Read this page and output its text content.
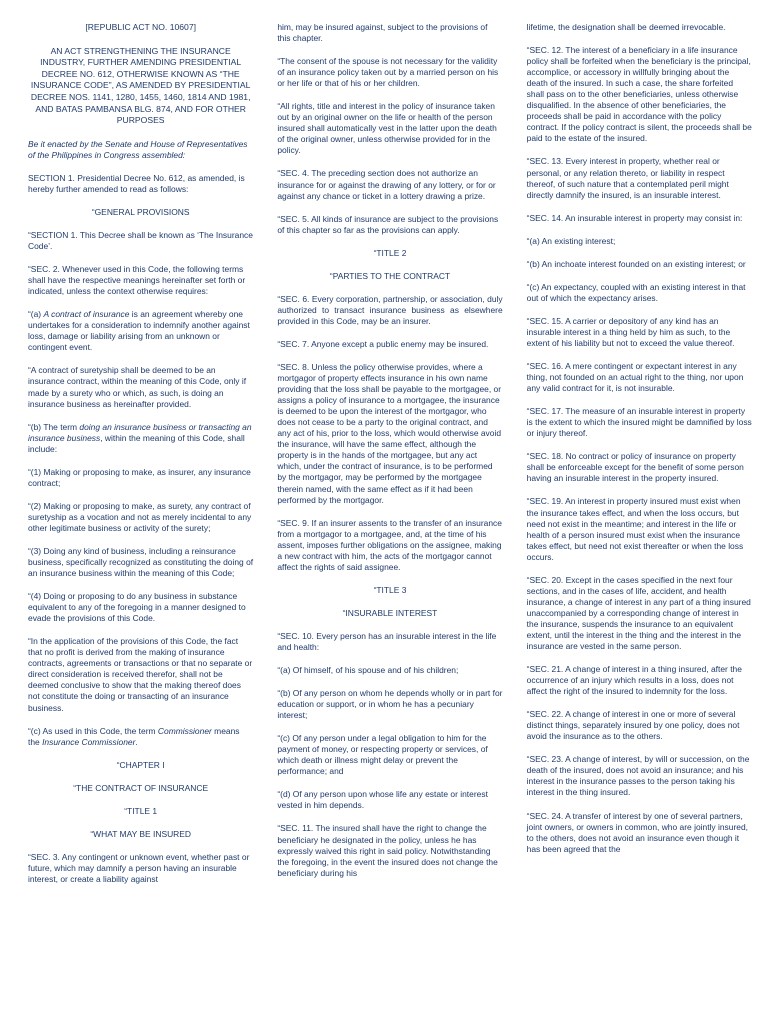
[REPUBLIC ACT NO. 10607]

AN ACT STRENGTHENING THE INSURANCE INDUSTRY, FURTHER AMENDING PRESIDENTIAL DECREE NO. 612, OTHERWISE KNOWN AS “THE INSURANCE CODE”, AS AMENDED BY PRESIDENTIAL DECREE NOS. 1141, 1280, 1455, 1460, 1814 AND 1981, AND BATAS PAMBANSA BLG. 874, AND FOR OTHER PURPOSES

Be it enacted by the Senate and House of Representatives of the Philippines in Congress assembled:

SECTION 1. Presidential Decree No. 612, as amended, is hereby further amended to read as follows:

“GENERAL PROVISIONS

“SECTION 1. This Decree shall be known as ‘The Insurance Code’.

“SEC. 2. Whenever used in this Code, the following terms shall have the respective meanings hereinafter set forth or indicated, unless the context otherwise requires:

“(a) A contract of insurance is an agreement whereby one undertakes for a consideration to indemnify another against loss, damage or liability arising from an unknown or contingent event.

“A contract of suretyship shall be deemed to be an insurance contract, within the meaning of this Code, only if made by a surety who or which, as such, is doing an insurance business as hereinafter provided.

“(b) The term doing an insurance business or transacting an insurance business, within the meaning of this Code, shall include:

“(1) Making or proposing to make, as insurer, any insurance contract;

“(2) Making or proposing to make, as surety, any contract of suretyship as a vocation and not as merely incidental to any other legitimate business or activity of the surety;

“(3) Doing any kind of business, including a reinsurance business, specifically recognized as constituting the doing of an insurance business within the meaning of this Code;

“(4) Doing or proposing to do any business in substance equivalent to any of the foregoing in a manner designed to evade the provisions of this Code.

“In the application of the provisions of this Code, the fact that no profit is derived from the making of insurance contracts, agreements or transactions or that no separate or direct consideration is received therefor, shall not be deemed conclusive to show that the making thereof does not constitute the doing or transacting of an insurance business.

“(c) As used in this Code, the term Commissioner means the Insurance Commissioner.

“CHAPTER I

“THE CONTRACT OF INSURANCE

“TITLE 1

“WHAT MAY BE INSURED

“SEC. 3. Any contingent or unknown event, whether past or future, which may damnify a person having an insurable interest, or create a liability against

him, may be insured against, subject to the provisions of this chapter.

“The consent of the spouse is not necessary for the validity of an insurance policy taken out by a married person on his or her life or that of his or her children.

“All rights, title and interest in the policy of insurance taken out by an original owner on the life or health of the person insured shall automatically vest in the latter upon the death of the original owner, unless otherwise provided for in the policy.

“SEC. 4. The preceding section does not authorize an insurance for or against the drawing of any lottery, or for or against any chance or ticket in a lottery drawing a prize.

“SEC. 5. All kinds of insurance are subject to the provisions of this chapter so far as the provisions can apply.

“TITLE 2

“PARTIES TO THE CONTRACT

“SEC. 6. Every corporation, partnership, or association, duly authorized to transact insurance business as elsewhere provided in this Code, may be an insurer.

“SEC. 7. Anyone except a public enemy may be insured.

“SEC. 8. Unless the policy otherwise provides, where a mortgagor of property effects insurance in his own name providing that the loss shall be payable to the mortgagee, or assigns a policy of insurance to a mortgagee, the insurance is deemed to be upon the interest of the mortgagor, who does not cease to be a party to the original contract, and any act of his, prior to the loss, which would otherwise avoid the insurance, will have the same effect, although the property is in the hands of the mortgagee, but any act which, under the contract of insurance, is to be performed by the mortgagor, may be performed by the mortgagee therein named, with the same effect as if it had been performed by the mortgagor.

“SEC. 9. If an insurer assents to the transfer of an insurance from a mortgagor to a mortgagee, and, at the time of his assent, imposes further obligations on the assignee, making a new contract with him, the acts of the mortgagor cannot affect the rights of said assignee.

“TITLE 3

“INSURABLE INTEREST

“SEC. 10. Every person has an insurable interest in the life and health:

“(a) Of himself, of his spouse and of his children;

“(b) Of any person on whom he depends wholly or in part for education or support, or in whom he has a pecuniary interest;

“(c) Of any person under a legal obligation to him for the payment of money, or respecting property or services, of which death or illness might delay or prevent the performance; and

“(d) Of any person upon whose life any estate or interest vested in him depends.

“SEC. 11. The insured shall have the right to change the beneficiary he designated in the policy, unless he has expressly waived this right in said policy. Notwithstanding the foregoing, in the event the insured does not change the beneficiary during his

lifetime, the designation shall be deemed irrevocable.

“SEC. 12. The interest of a beneficiary in a life insurance policy shall be forfeited when the beneficiary is the principal, accomplice, or accessory in willfully bringing about the death of the insured. In such a case, the share forfeited shall pass on to the other beneficiaries, unless otherwise disqualified. In the absence of other beneficiaries, the proceeds shall be paid in accordance with the policy contract. If the policy contract is silent, the proceeds shall be paid to the estate of the insured.

“SEC. 13. Every interest in property, whether real or personal, or any relation thereto, or liability in respect thereof, of such nature that a contemplated peril might directly damnify the insured, is an insurable interest.

“SEC. 14. An insurable interest in property may consist in:

“(a) An existing interest;

“(b) An inchoate interest founded on an existing interest; or

“(c) An expectancy, coupled with an existing interest in that out of which the expectancy arises.

“SEC. 15. A carrier or depository of any kind has an insurable interest in a thing held by him as such, to the extent of his liability but not to exceed the value thereof.

“SEC. 16. A mere contingent or expectant interest in any thing, not founded on an actual right to the thing, nor upon any valid contract for it, is not insurable.

“SEC. 17. The measure of an insurable interest in property is the extent to which the insured might be damnified by loss or injury thereof.

“SEC. 18. No contract or policy of insurance on property shall be enforceable except for the benefit of some person having an insurable interest in the property insured.

“SEC. 19. An interest in property insured must exist when the insurance takes effect, and when the loss occurs, but need not exist in the meantime; and interest in the life or health of a person insured must exist when the insurance takes effect, but need not exist thereafter or when the loss occurs.

“SEC. 20. Except in the cases specified in the next four sections, and in the cases of life, accident, and health insurance, a change of interest in any part of a thing insured unaccompanied by a corresponding change of interest in the insurance, suspends the insurance to an equivalent extent, until the interest in the thing and the interest in the insurance are vested in the same person.

“SEC. 21. A change of interest in a thing insured, after the occurrence of an injury which results in a loss, does not affect the right of the insured to indemnity for the loss.

“SEC. 22. A change of interest in one or more of several distinct things, separately insured by one policy, does not avoid the insurance as to the others.

“SEC. 23. A change of interest, by will or succession, on the death of the insured, does not avoid an insurance; and his interest in the insurance passes to the person taking his interest in the thing insured.

“SEC. 24. A transfer of interest by one of several partners, joint owners, or owners in common, who are jointly insured, to the others, does not avoid an insurance even though it has been agreed that the
